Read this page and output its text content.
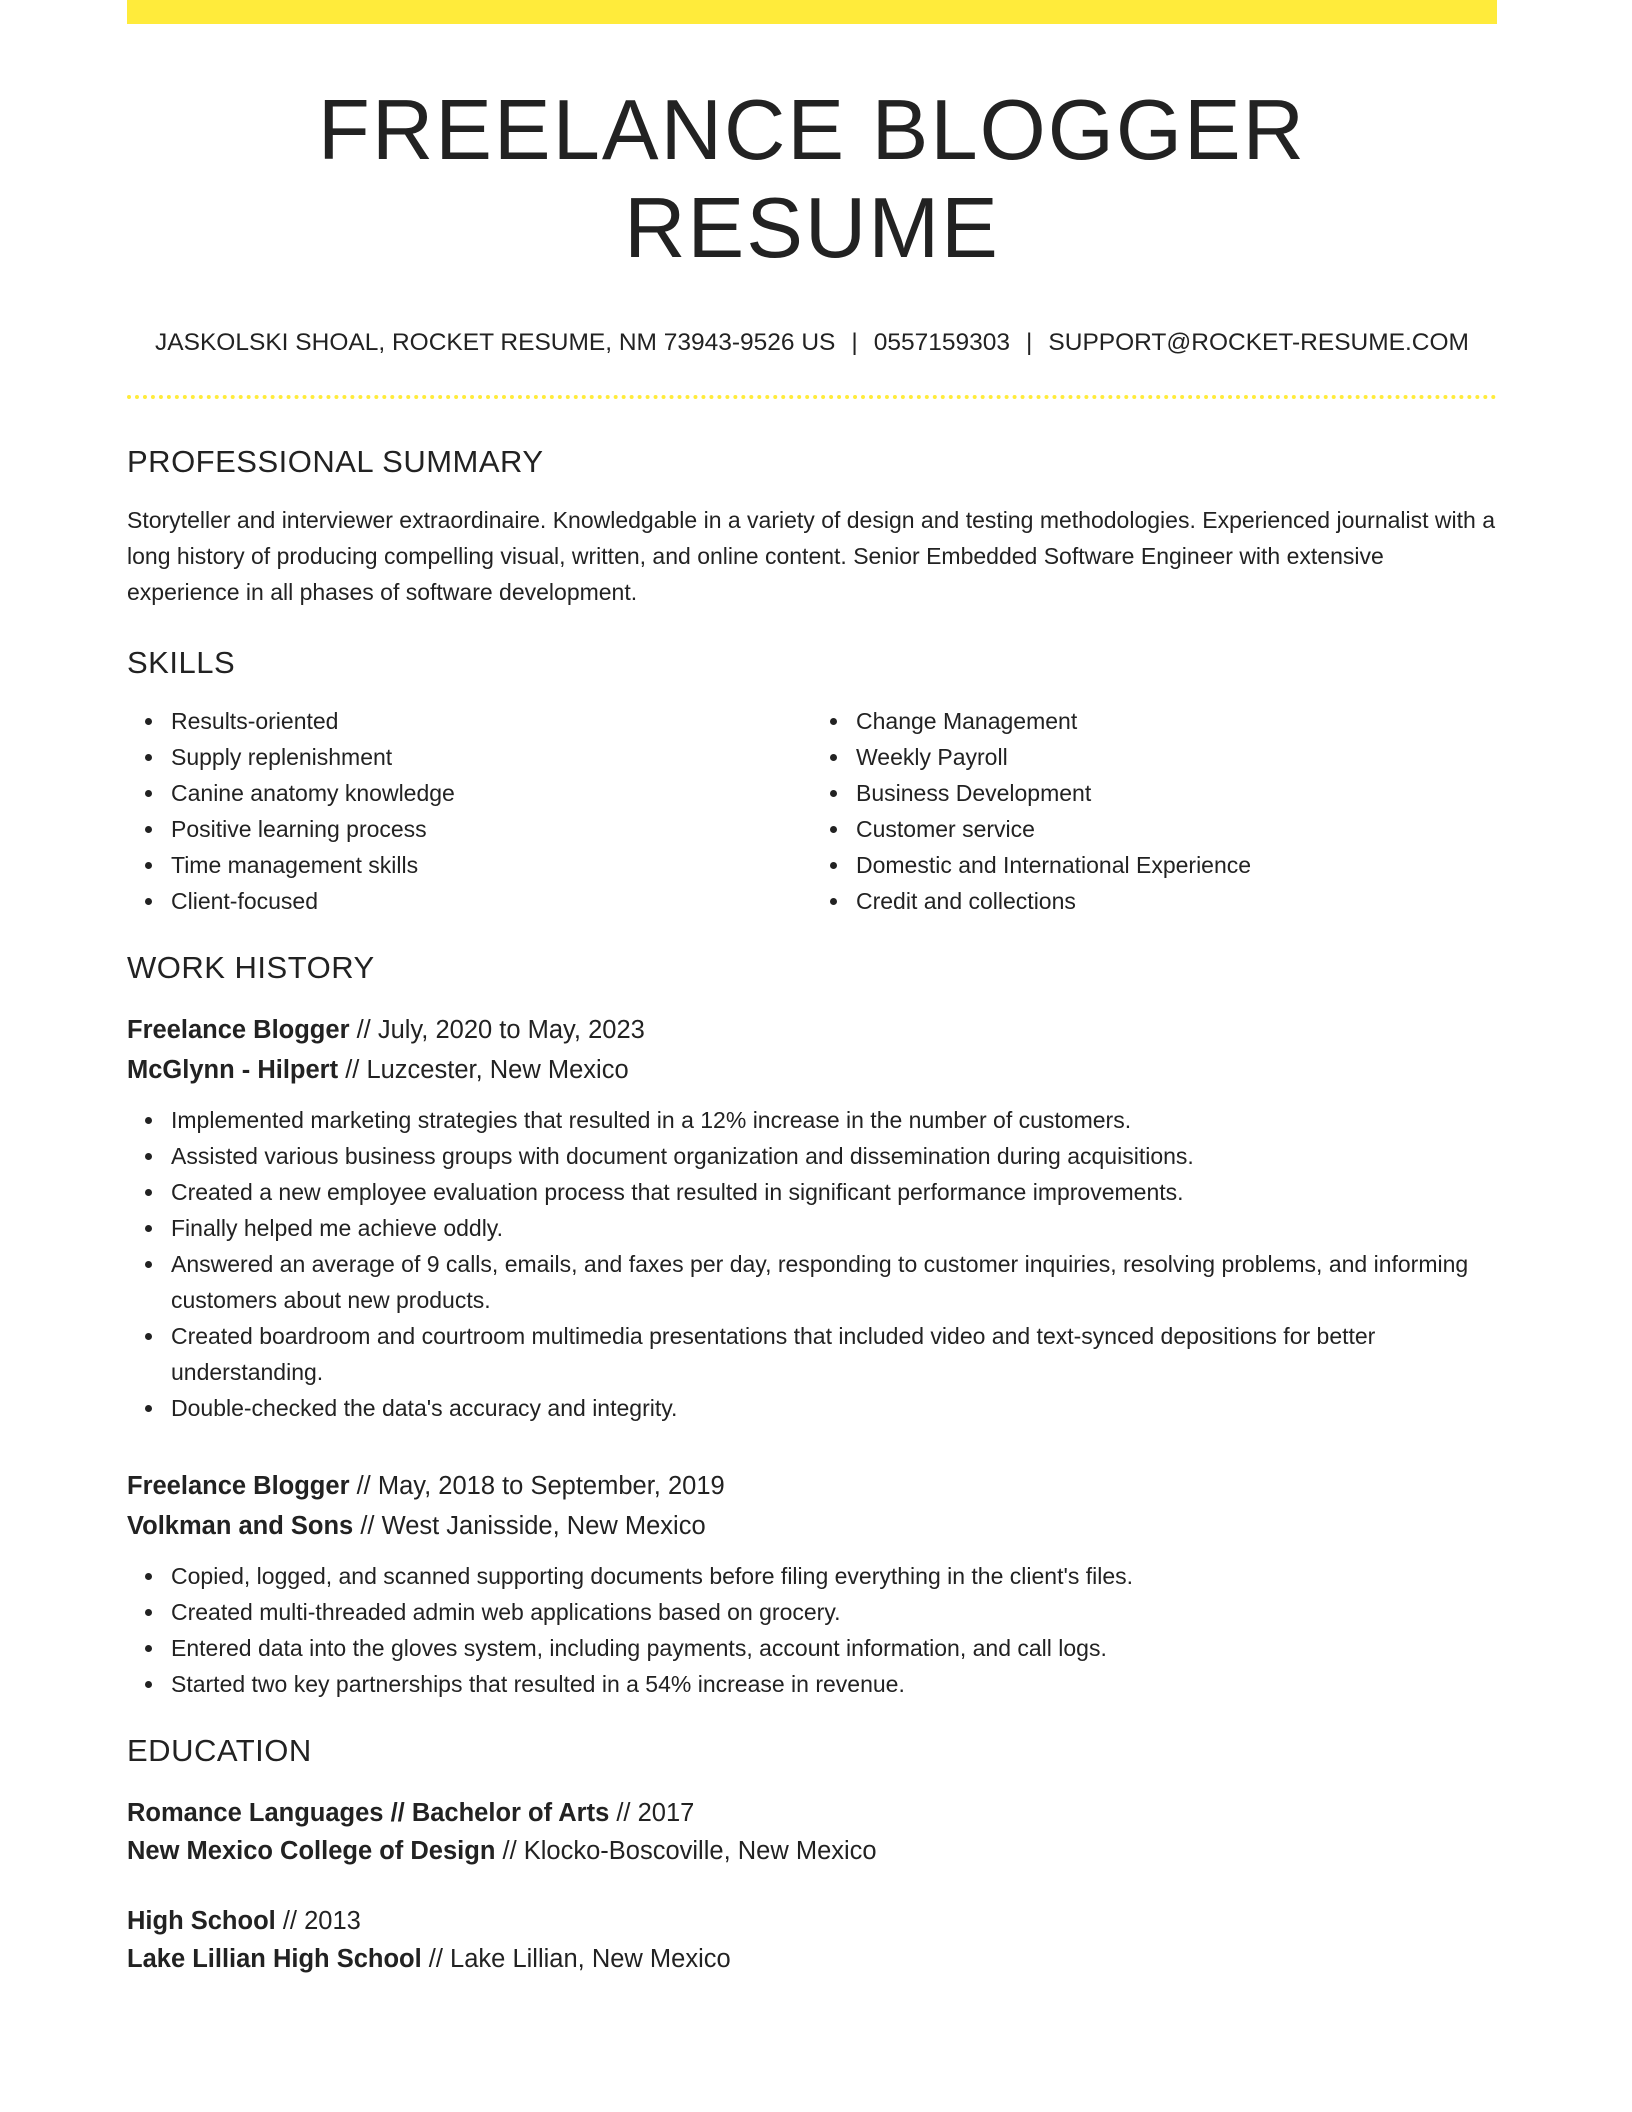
FREELANCE BLOGGER RESUME
JASKOLSKI SHOAL, ROCKET RESUME, NM 73943-9526 US | 0557159303 | SUPPORT@ROCKET-RESUME.COM
PROFESSIONAL SUMMARY
Storyteller and interviewer extraordinaire. Knowledgable in a variety of design and testing methodologies. Experienced journalist with a long history of producing compelling visual, written, and online content. Senior Embedded Software Engineer with extensive experience in all phases of software development.
SKILLS
Results-oriented
Supply replenishment
Canine anatomy knowledge
Positive learning process
Time management skills
Client-focused
Change Management
Weekly Payroll
Business Development
Customer service
Domestic and International Experience
Credit and collections
WORK HISTORY
Freelance Blogger // July, 2020 to May, 2023
McGlynn - Hilpert // Luzcester, New Mexico
Implemented marketing strategies that resulted in a 12% increase in the number of customers.
Assisted various business groups with document organization and dissemination during acquisitions.
Created a new employee evaluation process that resulted in significant performance improvements.
Finally helped me achieve oddly.
Answered an average of 9 calls, emails, and faxes per day, responding to customer inquiries, resolving problems, and informing customers about new products.
Created boardroom and courtroom multimedia presentations that included video and text-synced depositions for better understanding.
Double-checked the data's accuracy and integrity.
Freelance Blogger // May, 2018 to September, 2019
Volkman and Sons // West Janisside, New Mexico
Copied, logged, and scanned supporting documents before filing everything in the client's files.
Created multi-threaded admin web applications based on grocery.
Entered data into the gloves system, including payments, account information, and call logs.
Started two key partnerships that resulted in a 54% increase in revenue.
EDUCATION
Romance Languages // Bachelor of Arts // 2017
New Mexico College of Design // Klocko-Boscoville, New Mexico
High School // 2013
Lake Lillian High School // Lake Lillian, New Mexico
